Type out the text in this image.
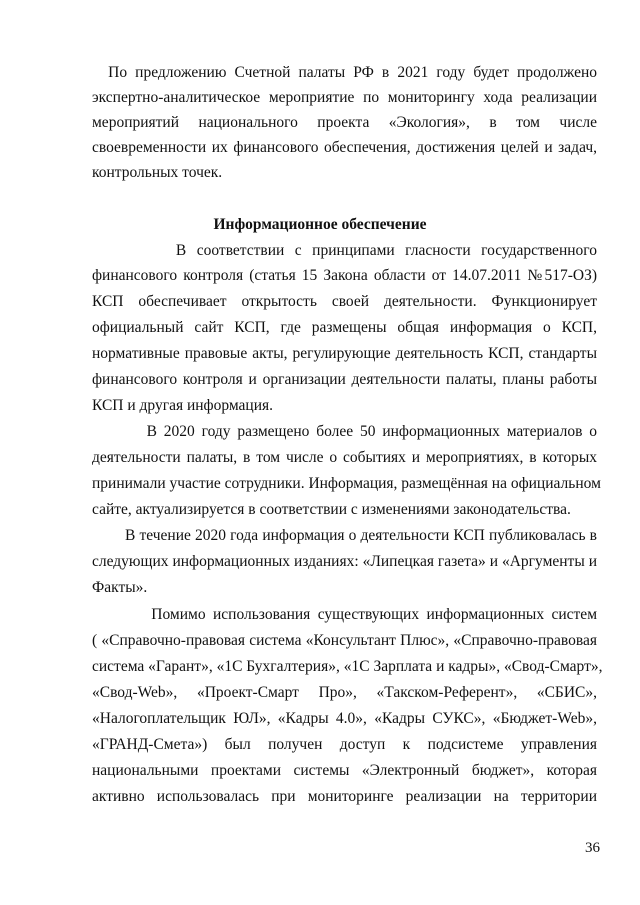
По предложению Счетной палаты РФ в 2021 году будет продолжено
экспертно-аналитическое мероприятие по мониторингу хода реализации
мероприятий национального проекта «Экология», в том числе
своевременности их финансового обеспечения, достижения целей и задач,
контрольных точек.
Информационное обеспечение
В соответствии с принципами гласности государственного
финансового контроля (статья 15 Закона области от 14.07.2011 №517-ОЗ)
КСП обеспечивает открытость своей деятельности. Функционирует
официальный сайт КСП, где размещены общая информация о КСП,
нормативные правовые акты, регулирующие деятельность КСП, стандарты
финансового контроля и организации деятельности палаты, планы работы
КСП и другая информация.
В 2020 году размещено более 50 информационных материалов о
деятельности палаты, в том числе о событиях и мероприятиях, в которых
принимали участие сотрудники. Информация, размещённая на официальном
сайте, актуализируется в соответствии с изменениями законодательства.
В течение 2020 года информация о деятельности КСП публиковалась в
следующих информационных изданиях: «Липецкая газета» и «Аргументы и
Факты».
Помимо использования существующих информационных систем
( «Справочно-правовая система «Консультант Плюс», «Справочно-правовая
система «Гарант», «1С Бухгалтерия», «1С Зарплата и кадры», «Свод-Смарт»,
«Свод-Web», «Проект-Смарт Про», «Такском-Референт», «СБИС»,
«Налогоплательщик ЮЛ», «Кадры 4.0», «Кадры СУКС», «Бюджет-Web»,
«ГРАНД-Смета») был получен доступ к подсистеме управления
национальными проектами системы «Электронный бюджет», которая
активно использовалась при мониторинге реализации на территории
36
